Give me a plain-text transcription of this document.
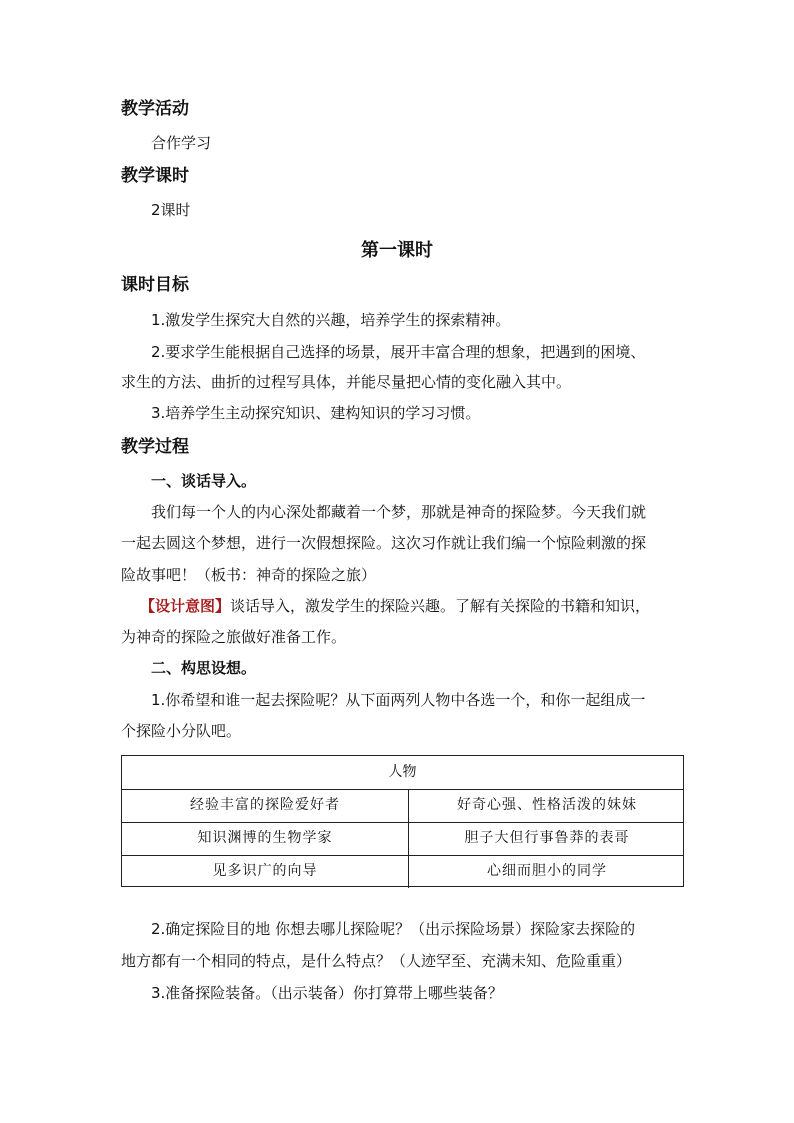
教学活动
合作学习
教学课时
2课时
第一课时
课时目标
1.激发学生探究大自然的兴趣，培养学生的探索精神。
2.要求学生能根据自己选择的场景，展开丰富合理的想象，把遇到的困境、
求生的方法、曲折的过程写具体，并能尽量把心情的变化融入其中。
3.培养学生主动探究知识、建构知识的学习习惯。
教学过程
一、谈话导入。
我们每一个人的内心深处都藏着一个梦，那就是神奇的探险梦。今天我们就
一起去圆这个梦想，进行一次假想探险。这次习作就让我们编一个惊险刺激的探
险故事吧！（板书：神奇的探险之旅）
【设计意图】谈话导入，激发学生的探险兴趣。了解有关探险的书籍和知识，
为神奇的探险之旅做好准备工作。
二、构思设想。
1.你希望和谁一起去探险呢？从下面两列人物中各选一个，和你一起组成一
个探险小分队吧。
人物
经验丰富的探险爱好者	好奇心强、性格活泼的妹妹
知识渊博的生物学家	胆子大但行事鲁莽的表哥
见多识广的向导	心细而胆小的同学
2.确定探险目的地 你想去哪儿探险呢？（出示探险场景）探险家去探险的
地方都有一个相同的特点，是什么特点？（人迹罕至、充满未知、危险重重）
3.准备探险装备。（出示装备）你打算带上哪些装备？
